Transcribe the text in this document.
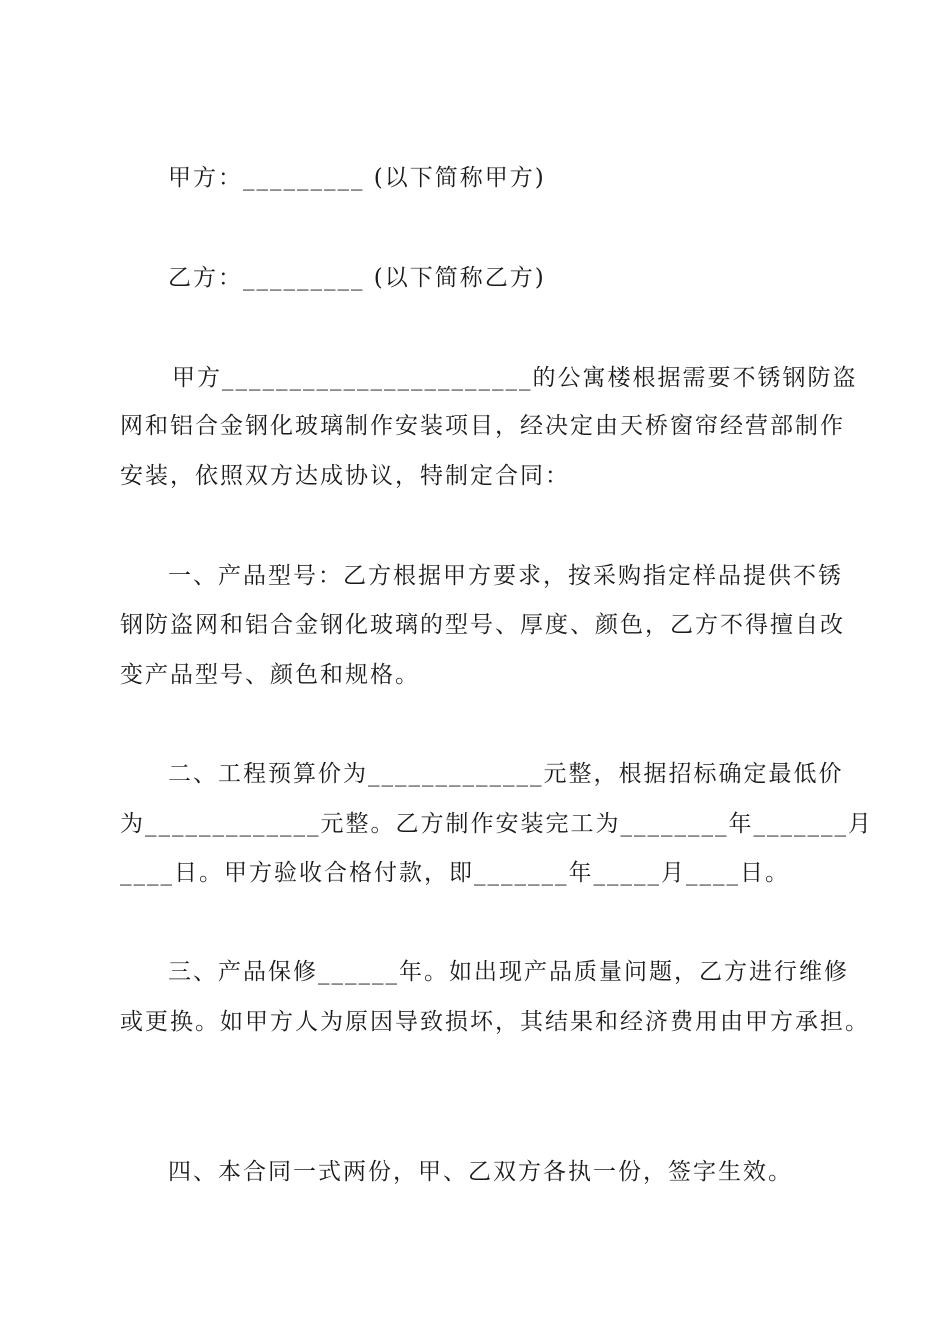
甲方：_________ (以下简称甲方)
乙方：_________ (以下简称乙方)
甲方_______________________的公寓楼根据需要不锈钢防盗
网和铝合金钢化玻璃制作安装项目，经决定由天桥窗帘经营部制作
安装，依照双方达成协议，特制定合同：
一、产品型号：乙方根据甲方要求，按采购指定样品提供不锈
钢防盗网和铝合金钢化玻璃的型号、厚度、颜色，乙方不得擅自改
变产品型号、颜色和规格。
二、工程预算价为_____________元整，根据招标确定最低价
为_____________元整。乙方制作安装完工为________年_______月
____日。甲方验收合格付款，即_______年_____月____日。
三、产品保修______年。如出现产品质量问题，乙方进行维修
或更换。如甲方人为原因导致损坏，其结果和经济费用由甲方承担。
四、本合同一式两份，甲、乙双方各执一份，签字生效。
